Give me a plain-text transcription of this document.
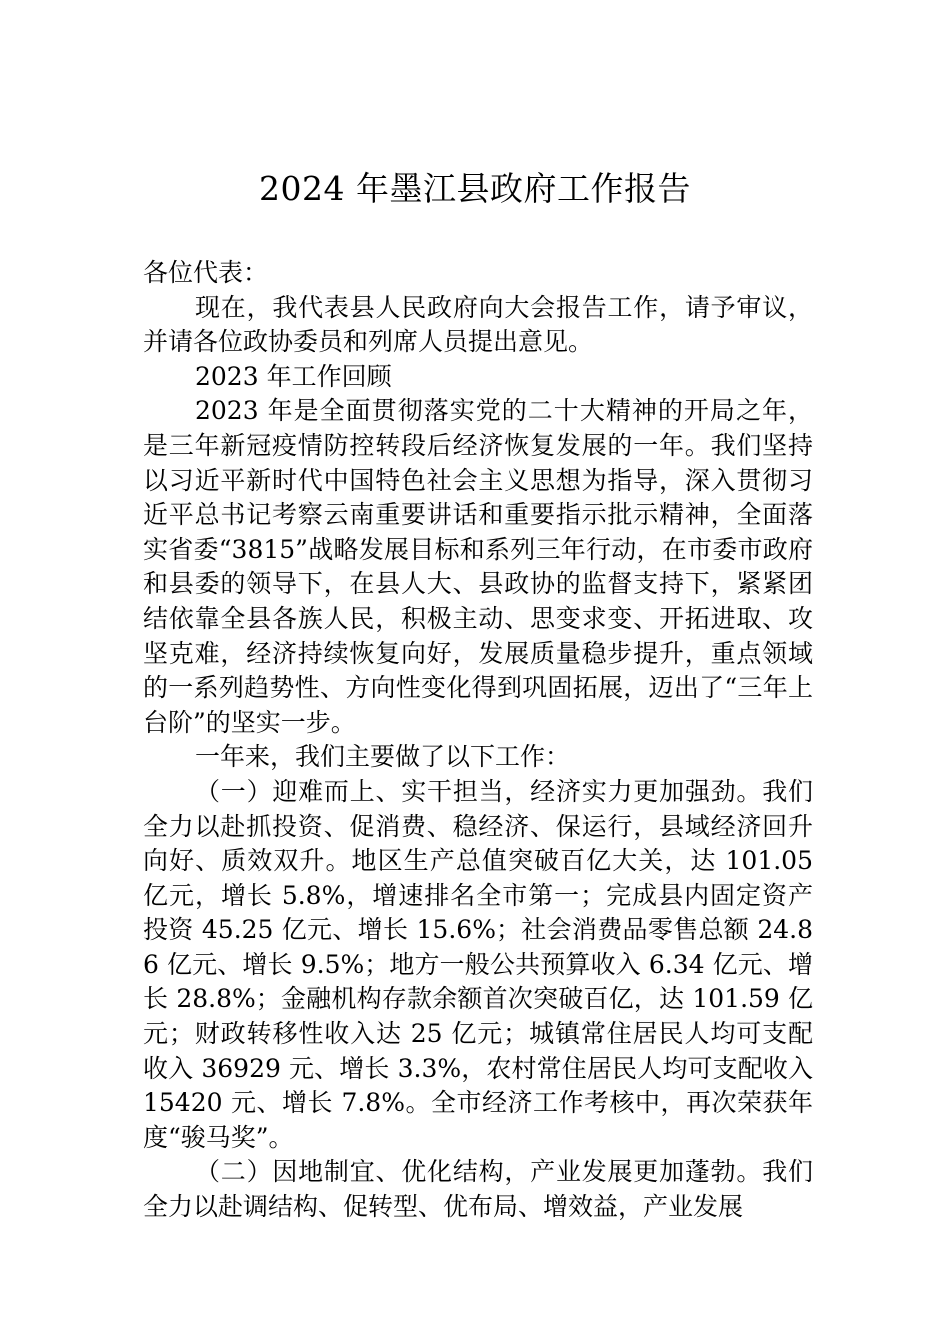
2024 年墨江县政府工作报告

各位代表：

现在，我代表县人民政府向大会报告工作，请予审议，并请各位政协委员和列席人员提出意见。

2023 年工作回顾

2023 年是全面贯彻落实党的二十大精神的开局之年，是三年新冠疫情防控转段后经济恢复发展的一年。我们坚持以习近平新时代中国特色社会主义思想为指导，深入贯彻习近平总书记考察云南重要讲话和重要指示批示精神，全面落实省委“3815”战略发展目标和系列三年行动，在市委市政府和县委的领导下，在县人大、县政协的监督支持下，紧紧团结依靠全县各族人民，积极主动、思变求变、开拓进取、攻坚克难，经济持续恢复向好，发展质量稳步提升，重点领域的一系列趋势性、方向性变化得到巩固拓展，迈出了“三年上台阶”的坚实一步。

一年来，我们主要做了以下工作：

（一）迎难而上、实干担当，经济实力更加强劲。我们全力以赴抓投资、促消费、稳经济、保运行，县域经济回升向好、质效双升。地区生产总值突破百亿大关，达 101.05 亿元，增长 5.8%，增速排名全市第一；完成县内固定资产投资 45.25 亿元、增长 15.6%；社会消费品零售总额 24.86 亿元、增长 9.5%；地方一般公共预算收入 6.34 亿元、增长 28.8%；金融机构存款余额首次突破百亿，达 101.59 亿元；财政转移性收入达 25 亿元；城镇常住居民人均可支配收入 36929 元、增长 3.3%，农村常住居民人均可支配收入 15420 元、增长 7.8%。全市经济工作考核中，再次荣获年度“骏马奖”。

（二）因地制宜、优化结构，产业发展更加蓬勃。我们全力以赴调结构、促转型、优布局、增效益，产业发展
